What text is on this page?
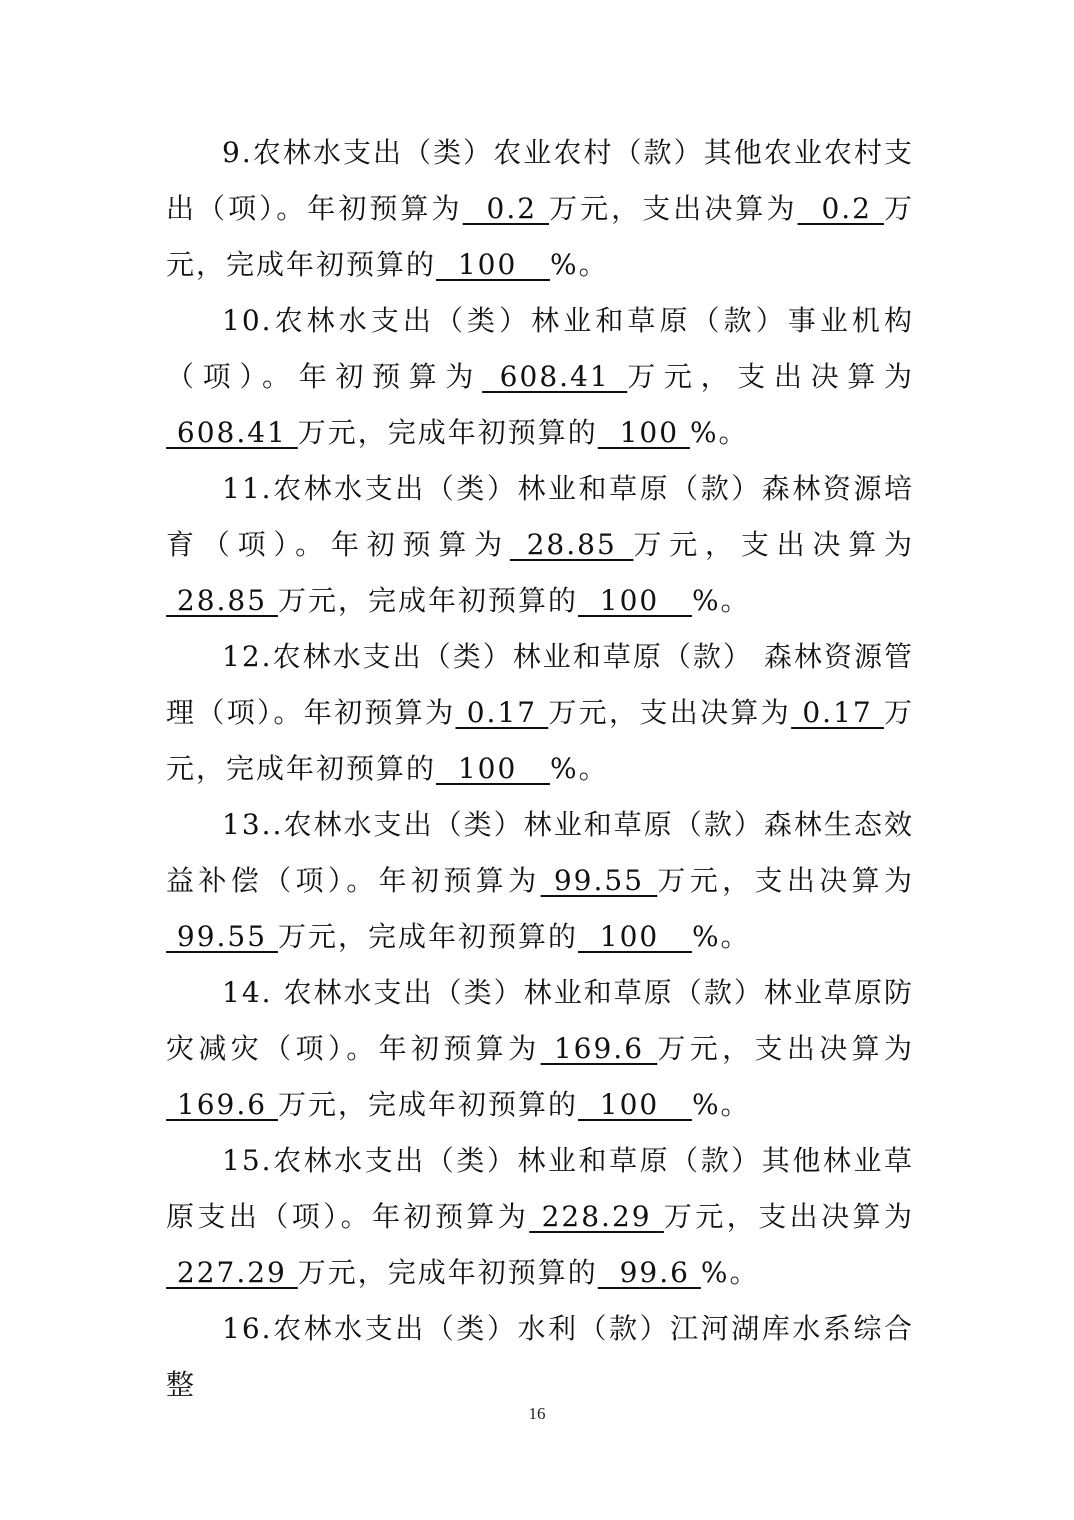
9.农林水支出（类）农业农村（款）其他农业农村支出（项）。年初预算为  0.2 万元，支出决算为  0.2 万元，完成年初预算的  100   %。

10.农林水支出（类）林业和草原（款）事业机构（项）。年初预算为 608.41 万元，支出决算为 608.41 万元，完成年初预算的  100 %。

11.农林水支出（类）林业和草原（款）森林资源培育（项）。年初预算为 28.85 万元，支出决算为 28.85 万元，完成年初预算的  100   %。

12.农林水支出（类）林业和草原（款） 森林资源管理（项）。年初预算为 0.17 万元，支出决算为 0.17 万元，完成年初预算的  100   %。

13..农林水支出（类）林业和草原（款）森林生态效益补偿（项）。年初预算为 99.55 万元，支出决算为 99.55 万元，完成年初预算的  100   %。

14. 农林水支出（类）林业和草原（款）林业草原防灾减灾（项）。年初预算为 169.6 万元，支出决算为 169.6 万元，完成年初预算的  100   %。

15.农林水支出（类）林业和草原（款）其他林业草原支出（项）。年初预算为 228.29 万元，支出决算为 227.29 万元，完成年初预算的  99.6 %。

16.农林水支出（类）水利（款）江河湖库水系综合整

16
